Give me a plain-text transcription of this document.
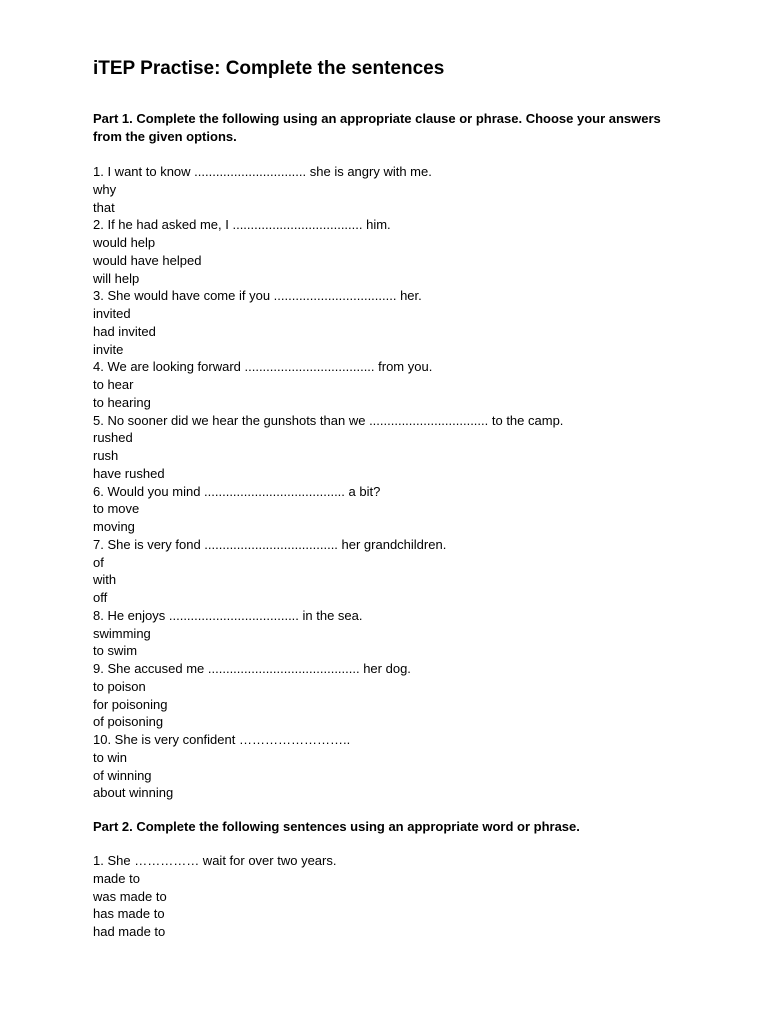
iTEP Practise: Complete the sentences

Part 1. Complete the following using an appropriate clause or phrase. Choose your answers from the given options.

1. I want to know ............................... she is angry with me.
why
that
2. If he had asked me, I .................................... him.
would help
would have helped
will help
3. She would have come if you .................................. her.
invited
had invited
invite
4. We are looking forward .................................... from you.
to hear
to hearing
5. No sooner did we hear the gunshots than we ................................. to the camp.
rushed
rush
have rushed
6. Would you mind ....................................... a bit?
to move
moving
7. She is very fond ..................................... her grandchildren.
of
with
off
8. He enjoys .................................... in the sea.
swimming
to swim
9. She accused me .......................................... her dog.
to poison
for poisoning
of poisoning
10. She is very confident ……………………..
to win
of winning
about winning

Part 2. Complete the following sentences using an appropriate word or phrase.

1. She …………… wait for over two years.
made to
was made to
has made to
had made to
